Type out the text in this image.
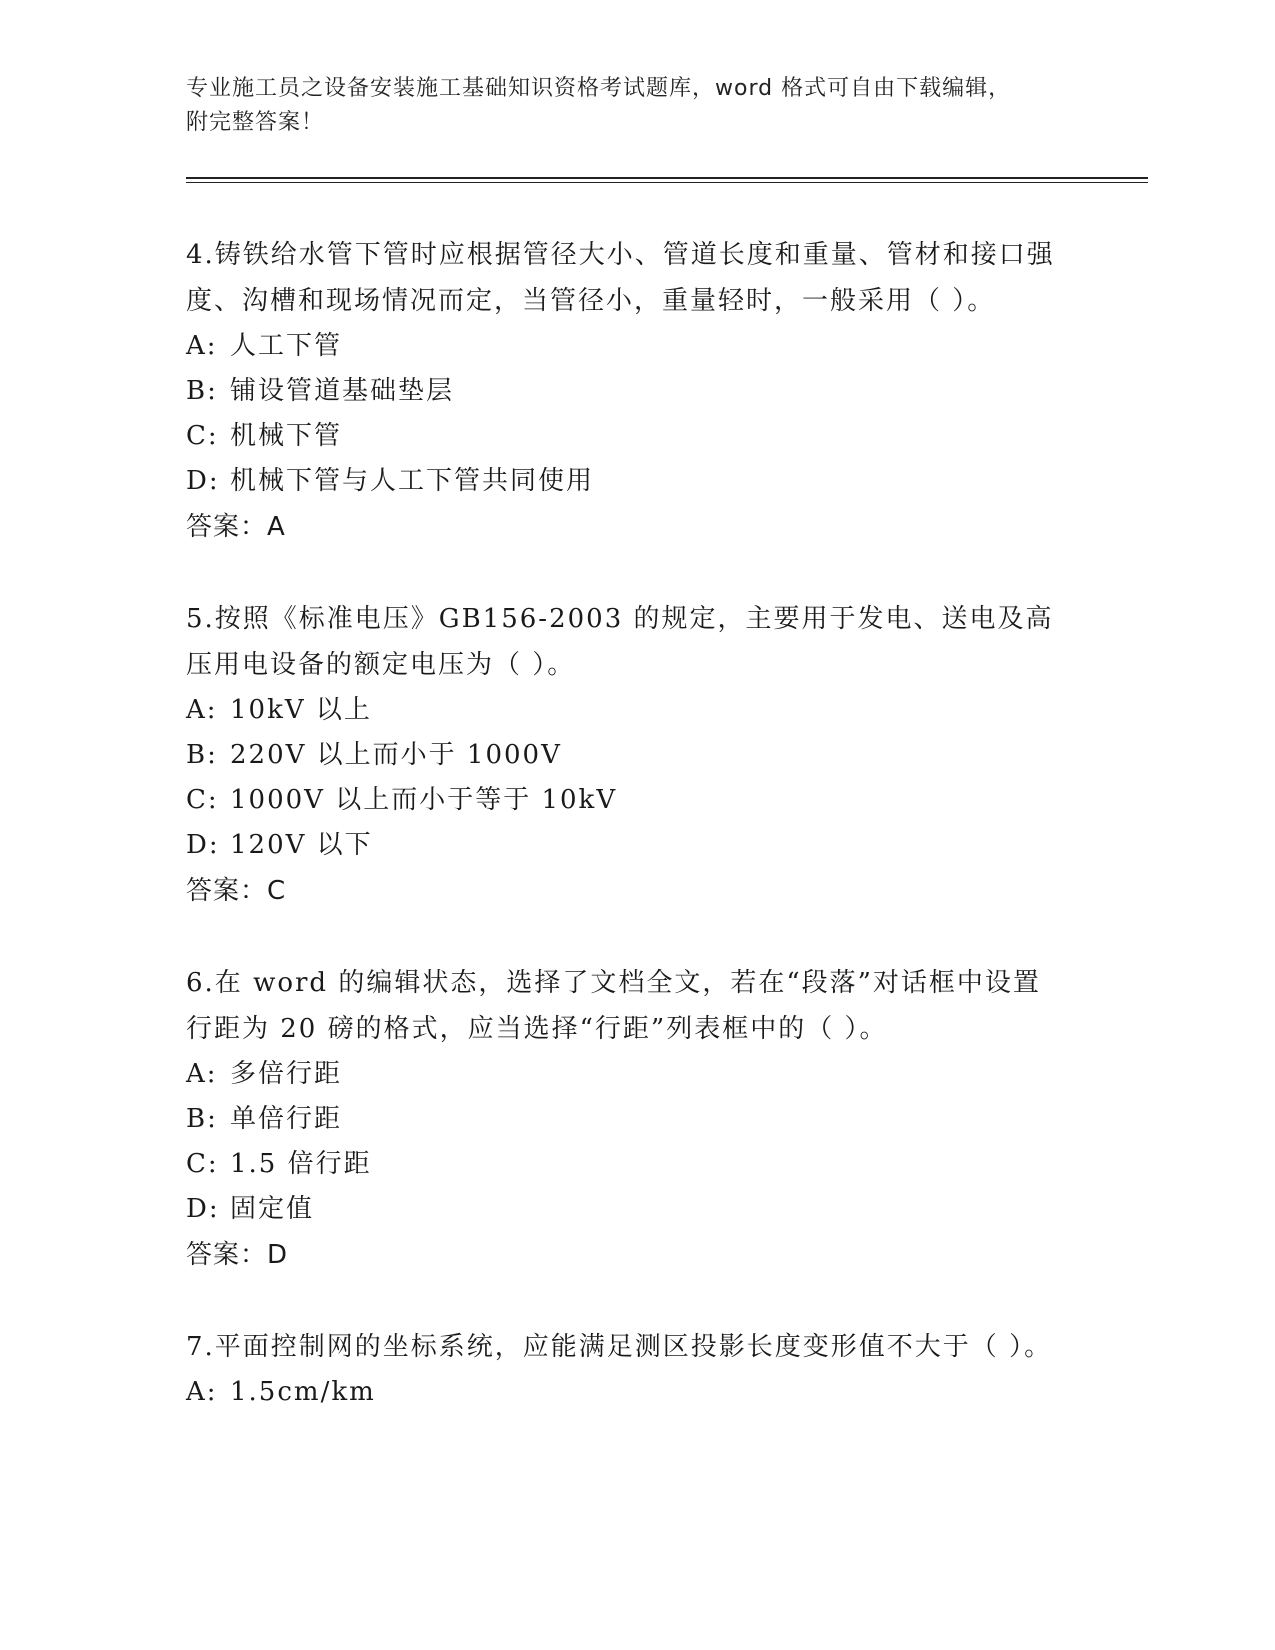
专业施工员之设备安装施工基础知识资格考试题库，word 格式可自由下载编辑，
附完整答案！

4.铸铁给水管下管时应根据管径大小、管道长度和重量、管材和接口强度、沟槽和现场情况而定，当管径小，重量轻时，一般采用（ ）。

A: 人工下管

B: 铺设管道基础垫层

C: 机械下管

D: 机械下管与人工下管共同使用

答案：A

5.按照《标准电压》GB156-2003 的规定，主要用于发电、送电及高压用电设备的额定电压为（ ）。

A: 10kV 以上

B: 220V 以上而小于 1000V

C: 1000V 以上而小于等于 10kV

D: 120V 以下

答案：C

6.在 word 的编辑状态，选择了文档全文，若在“段落”对话框中设置行距为 20 磅的格式，应当选择“行距”列表框中的（ ）。

A: 多倍行距

B: 单倍行距

C: 1.5 倍行距

D: 固定值

答案：D

7.平面控制网的坐标系统，应能满足测区投影长度变形值不大于（ ）。

A: 1.5cm/km
